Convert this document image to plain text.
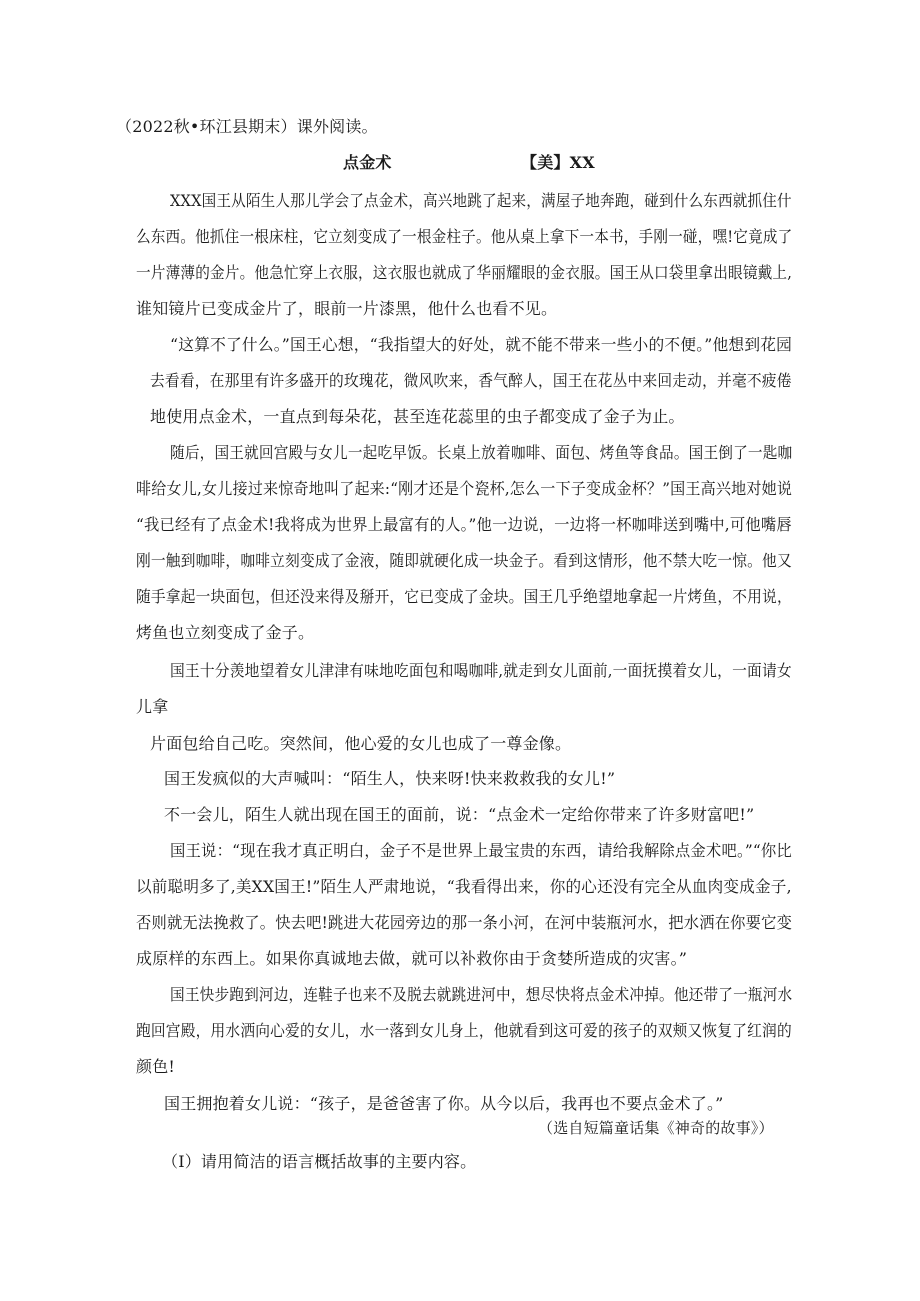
（2022秋•环江县期末）课外阅读。
点金术	【美】XX
XXX国王从陌生人那儿学会了点金术，高兴地跳了起来，满屋子地奔跑，碰到什么东西就抓住什
么东西。他抓住一根床柱，它立刻变成了一根金柱子。他从桌上拿下一本书，手刚一碰，嘿!它竟成了
一片薄薄的金片。他急忙穿上衣服，这衣服也就成了华丽耀眼的金衣服。国王从口袋里拿出眼镜戴上,
谁知镜片已变成金片了，眼前一片漆黑，他什么也看不见。
“这算不了什么。”国王心想，“我指望大的好处，就不能不带来一些小的不便。”他想到花园
去看看，在那里有许多盛开的玫瑰花，微风吹来，香气醉人，国王在花丛中来回走动，并毫不疲倦
地使用点金术，一直点到每朵花，甚至连花蕊里的虫子都变成了金子为止。
随后，国王就回宫殿与女儿一起吃早饭。长桌上放着咖啡、面包、烤鱼等食品。国王倒了一匙咖
啡给女儿,女儿接过来惊奇地叫了起来:“刚才还是个瓷杯,怎么一下子变成金杯？”国王高兴地对她说
“我已经有了点金术!我将成为世界上最富有的人。”他一边说，一边将一杯咖啡送到嘴中,可他嘴唇
刚一触到咖啡，咖啡立刻变成了金液，随即就硬化成一块金子。看到这情形，他不禁大吃一惊。他又
随手拿起一块面包，但还没来得及掰开，它已变成了金块。国王几乎绝望地拿起一片烤鱼，不用说，
烤鱼也立刻变成了金子。
国王十分羡地望着女儿津津有味地吃面包和喝咖啡,就走到女儿面前,一面抚摸着女儿，一面请女
儿拿
片面包给自己吃。突然间，他心爱的女儿也成了一尊金像。
国王发疯似的大声喊叫：“陌生人，快来呀!快来救救我的女儿!”
不一会儿，陌生人就出现在国王的面前，说：“点金术一定给你带来了许多财富吧!”
国王说：“现在我才真正明白，金子不是世界上最宝贵的东西，请给我解除点金术吧。”“你比
以前聪明多了,美XX国王!”陌生人严肃地说，“我看得出来，你的心还没有完全从血肉变成金子,
否则就无法挽救了。快去吧!跳进大花园旁边的那一条小河，在河中装瓶河水，把水洒在你要它变
成原样的东西上。如果你真诚地去做，就可以补救你由于贪婪所造成的灾害。”
国王快步跑到河边，连鞋子也来不及脱去就跳进河中，想尽快将点金术冲掉。他还带了一瓶河水
跑回宫殿，用水洒向心爱的女儿，水一落到女儿身上，他就看到这可爱的孩子的双颊又恢复了红润的
颜色!
国王拥抱着女儿说：“孩子，是爸爸害了你。从今以后，我再也不要点金术了。”
（选自短篇童话集《神奇的故事》）
（I）请用简洁的语言概括故事的主要内容。
